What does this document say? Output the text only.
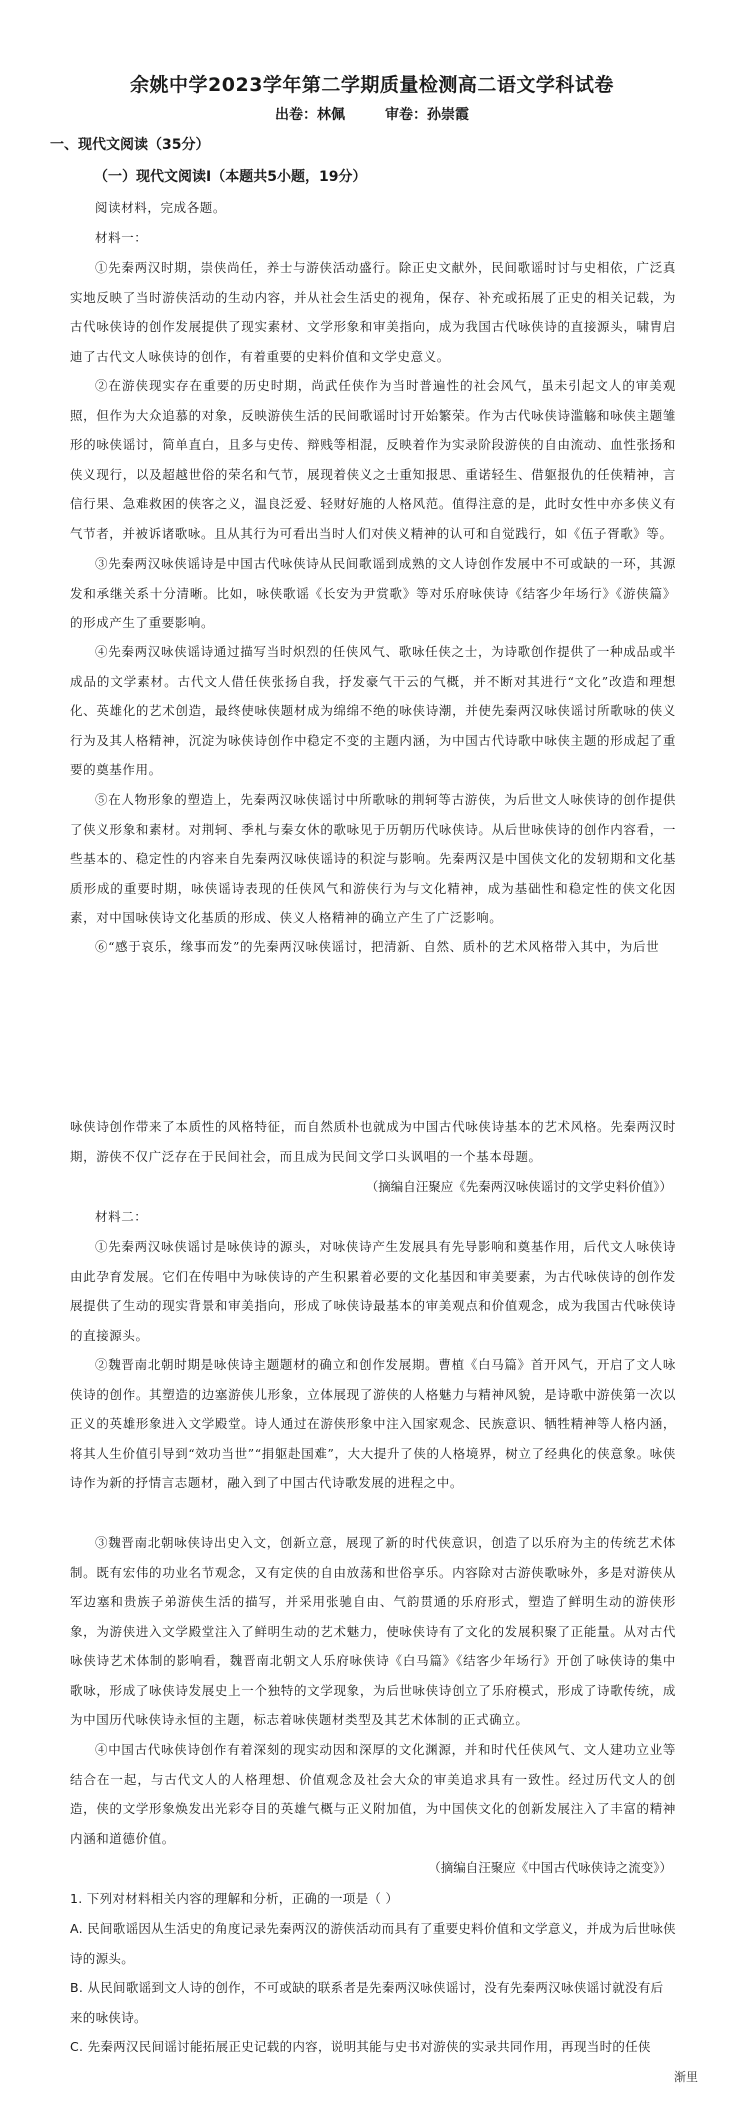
余姚中学2023学年第二学期质量检测高二语文学科试卷
出卷：林佩	审卷：孙崇霞
一、现代文阅读（35分）
（一）现代文阅读Ⅰ（本题共5小题，19分）

阅读材料，完成各题。

材料一：

①先秦两汉时期，崇侠尚任，养士与游侠活动盛行。除正史文献外，民间歌谣时讨与史相依，广泛真实地反映了当时游侠活动的生动内容，并从社会生活史的视角，保存、补充或拓展了正史的相关记载，为古代咏侠诗的创作发展提供了现实素材、文学形象和审美指向，成为我国古代咏侠诗的直接源头，啸胄启迪了古代文人咏侠诗的创作，有着重要的史料价值和文学史意义。

②在游侠现实存在重要的历史时期，尚武任侠作为当时普遍性的社会风气，虽未引起文人的审美观照，但作为大众追慕的对象，反映游侠生活的民间歌谣时讨开始繁荣。作为古代咏侠诗滥觞和咏侠主题雏形的咏侠谣讨，简单直白，且多与史传、辩贱等相混，反映着作为实录阶段游侠的自由流动、血性张扬和侠义现行，以及超越世俗的荣名和气节，展现着侠义之士重知报思、重诺轻生、借躯报仇的任侠精神，言信行果、急难救困的侠客之义，温良泛爱、轻财好施的人格风范。值得注意的是，此时女性中亦多侠义有气节者，并被诉诸歌咏。且从其行为可看出当时人们对侠义精神的认可和自觉践行，如《伍子胥歌》等。

③先秦两汉咏侠谣诗是中国古代咏侠诗从民间歌谣到成熟的文人诗创作发展中不可或缺的一环，其源发和承继关系十分清晰。比如，咏侠歌谣《长安为尹赏歌》等对乐府咏侠诗《结客少年场行》《游侠篇》的形成产生了重要影响。

④先秦两汉咏侠谣诗通过描写当时炽烈的任侠风气、歌咏任侠之士，为诗歌创作提供了一种成品或半成品的文学素材。古代文人借任侠张扬自我，抒发豪气干云的气概，并不断对其进行“文化”改造和理想化、英雄化的艺术创造，最终使咏侠题材成为绵绵不绝的咏侠诗潮，并使先秦两汉咏侠谣讨所歌咏的侠义行为及其人格精神，沉淀为咏侠诗创作中稳定不变的主题内涵，为中国古代诗歌中咏侠主题的形成起了重要的奠基作用。

⑤在人物形象的塑造上，先秦两汉咏侠谣讨中所歌咏的荆轲等古游侠，为后世文人咏侠诗的创作提供了侠义形象和素材。对荆轲、季札与秦女休的歌咏见于历朝历代咏侠诗。从后世咏侠诗的创作内容看，一些基本的、稳定性的内容来自先秦两汉咏侠谣诗的积淀与影响。先秦两汉是中国侠文化的发轫期和文化基质形成的重要时期，咏侠谣诗表现的任侠风气和游侠行为与文化精神，成为基础性和稳定性的侠文化因素，对中国咏侠诗文化基质的形成、侠义人格精神的确立产生了广泛影响。

⑥“感于哀乐，缘事而发”的先秦两汉咏侠谣讨，把清新、自然、质朴的艺术风格带入其中，为后世

咏侠诗创作带来了本质性的风格特征，而自然质朴也就成为中国古代咏侠诗基本的艺术风格。先秦两汉时期，游侠不仅广泛存在于民间社会，而且成为民间文学口头讽唱的一个基本母题。

（摘编自汪聚应《先秦两汉咏侠谣讨的文学史料价值》）

材料二：

①先秦两汉咏侠谣讨是咏侠诗的源头，对咏侠诗产生发展具有先导影响和奠基作用，后代文人咏侠诗由此孕育发展。它们在传唱中为咏侠诗的产生积累着必要的文化基因和审美要素，为古代咏侠诗的创作发展提供了生动的现实背景和审美指向，形成了咏侠诗最基本的审美观点和价值观念，成为我国古代咏侠诗的直接源头。

②魏晋南北朝时期是咏侠诗主题题材的确立和创作发展期。曹植《白马篇》首开风气，开启了文人咏侠诗的创作。其塑造的边塞游侠儿形象，立体展现了游侠的人格魅力与精神风貌，是诗歌中游侠第一次以正义的英雄形象进入文学殿堂。诗人通过在游侠形象中注入国家观念、民族意识、牺牲精神等人格内涵，将其人生价值引导到“效功当世”“捐躯赴国难”，大大提升了侠的人格境界，树立了经典化的侠意象。咏侠诗作为新的抒情言志题材，融入到了中国古代诗歌发展的进程之中。

③魏晋南北朝咏侠诗出史入文，创新立意，展现了新的时代侠意识，创造了以乐府为主的传统艺术体制。既有宏伟的功业名节观念，又有定侠的自由放荡和世俗享乐。内容除对古游侠歌咏外，多是对游侠从军边塞和贵族子弟游侠生活的描写，并采用张驰自由、气韵贯通的乐府形式，塑造了鲜明生动的游侠形象，为游侠进入文学殿堂注入了鲜明生动的艺术魅力，使咏侠诗有了文化的发展积聚了正能量。从对古代咏侠诗艺术体制的影响看，魏晋南北朝文人乐府咏侠诗《白马篇》《结客少年场行》开创了咏侠诗的集中歌咏，形成了咏侠诗发展史上一个独特的文学现象，为后世咏侠诗创立了乐府模式，形成了诗歌传统，成为中国历代咏侠诗永恒的主题，标志着咏侠题材类型及其艺术体制的正式确立。

④中国古代咏侠诗创作有着深刻的现实动因和深厚的文化渊源，并和时代任侠风气、文人建功立业等结合在一起，与古代文人的人格理想、价值观念及社会大众的审美追求具有一致性。经过历代文人的创造，侠的文学形象焕发出光彩夺目的英雄气概与正义附加值，为中国侠文化的创新发展注入了丰富的精神内涵和道德价值。

（摘编自汪聚应《中国古代咏侠诗之流变》）

1. 下列对材料相关内容的理解和分析，正确的一项是（ ）

A. 民间歌谣因从生活史的角度记录先秦两汉的游侠活动而具有了重要史料价值和文学意义，并成为后世咏侠诗的源头。

B. 从民间歌谣到文人诗的创作，不可或缺的联系者是先秦两汉咏侠谣讨，没有先秦两汉咏侠谣讨就没有后来的咏侠诗。

C. 先秦两汉民间谣讨能拓展正史记载的内容，说明其能与史书对游侠的实录共同作用，再现当时的任侠

渐里
